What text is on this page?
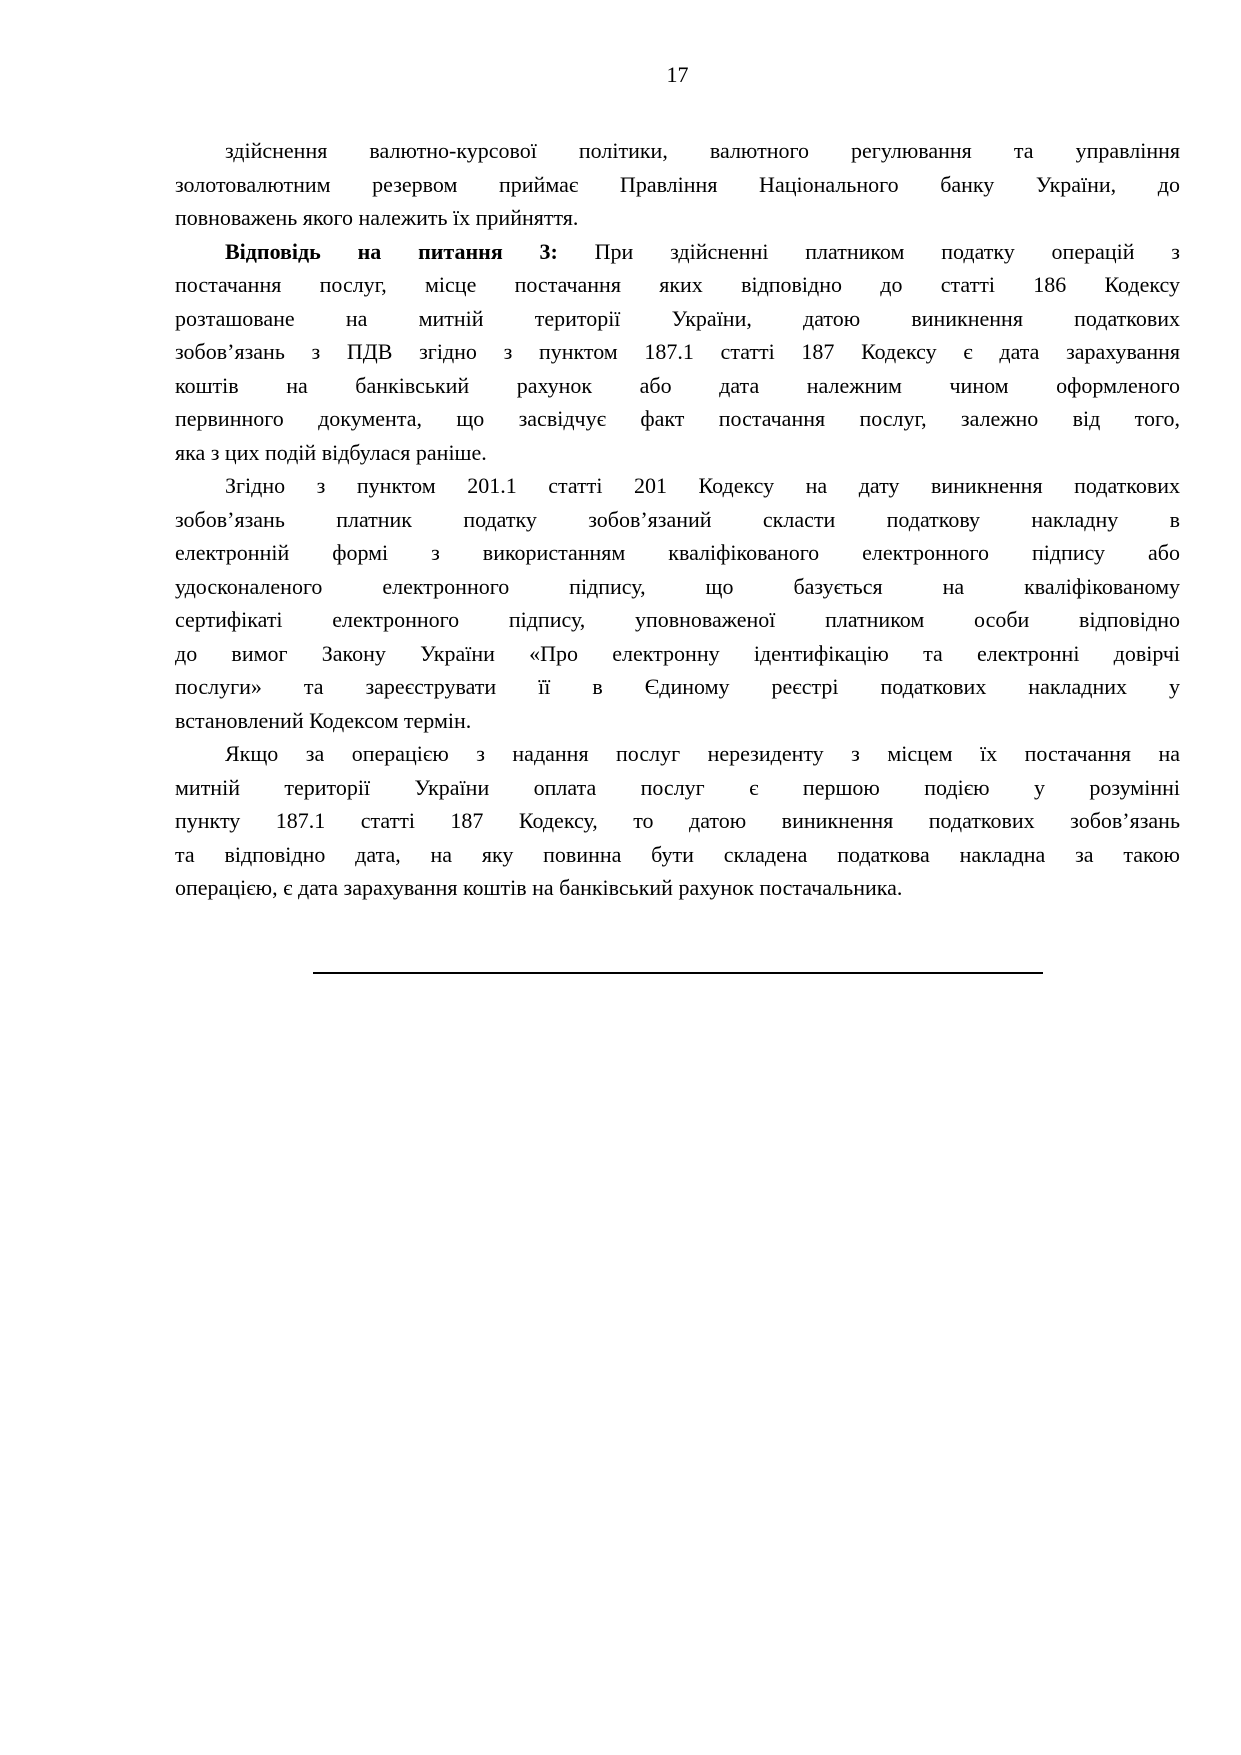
17
здійснення валютно-курсової політики, валютного регулювання та управління
золотовалютним резервом приймає Правління Національного банку України, до
повноважень якого належить їх прийняття.
Відповідь на питання 3: При здійсненні платником податку операцій з
постачання послуг, місце постачання яких відповідно до статті 186 Кодексу
розташоване на митній території України, датою виникнення податкових
зобов’язань з ПДВ згідно з пунктом 187.1 статті 187 Кодексу є дата зарахування
коштів на банківський рахунок або дата належним чином оформленого
первинного документа, що засвідчує факт постачання послуг, залежно від того,
яка з цих подій відбулася раніше.
Згідно з пунктом 201.1 статті 201 Кодексу на дату виникнення податкових
зобов’язань платник податку зобов’язаний скласти податкову накладну в
електронній формі з використанням кваліфікованого електронного підпису або
удосконаленого електронного підпису, що базується на кваліфікованому
сертифікаті електронного підпису, уповноваженої платником особи відповідно
до вимог Закону України «Про електронну ідентифікацію та електронні довірчі
послуги» та зареєструвати її в Єдиному реєстрі податкових накладних у
встановлений Кодексом термін.
Якщо за операцією з надання послуг нерезиденту з місцем їх постачання на
митній території України оплата послуг є першою подією у розумінні
пункту 187.1 статті 187 Кодексу, то датою виникнення податкових зобов’язань
та відповідно дата, на яку повинна бути складена податкова накладна за такою
операцією, є дата зарахування коштів на банківський рахунок постачальника.
